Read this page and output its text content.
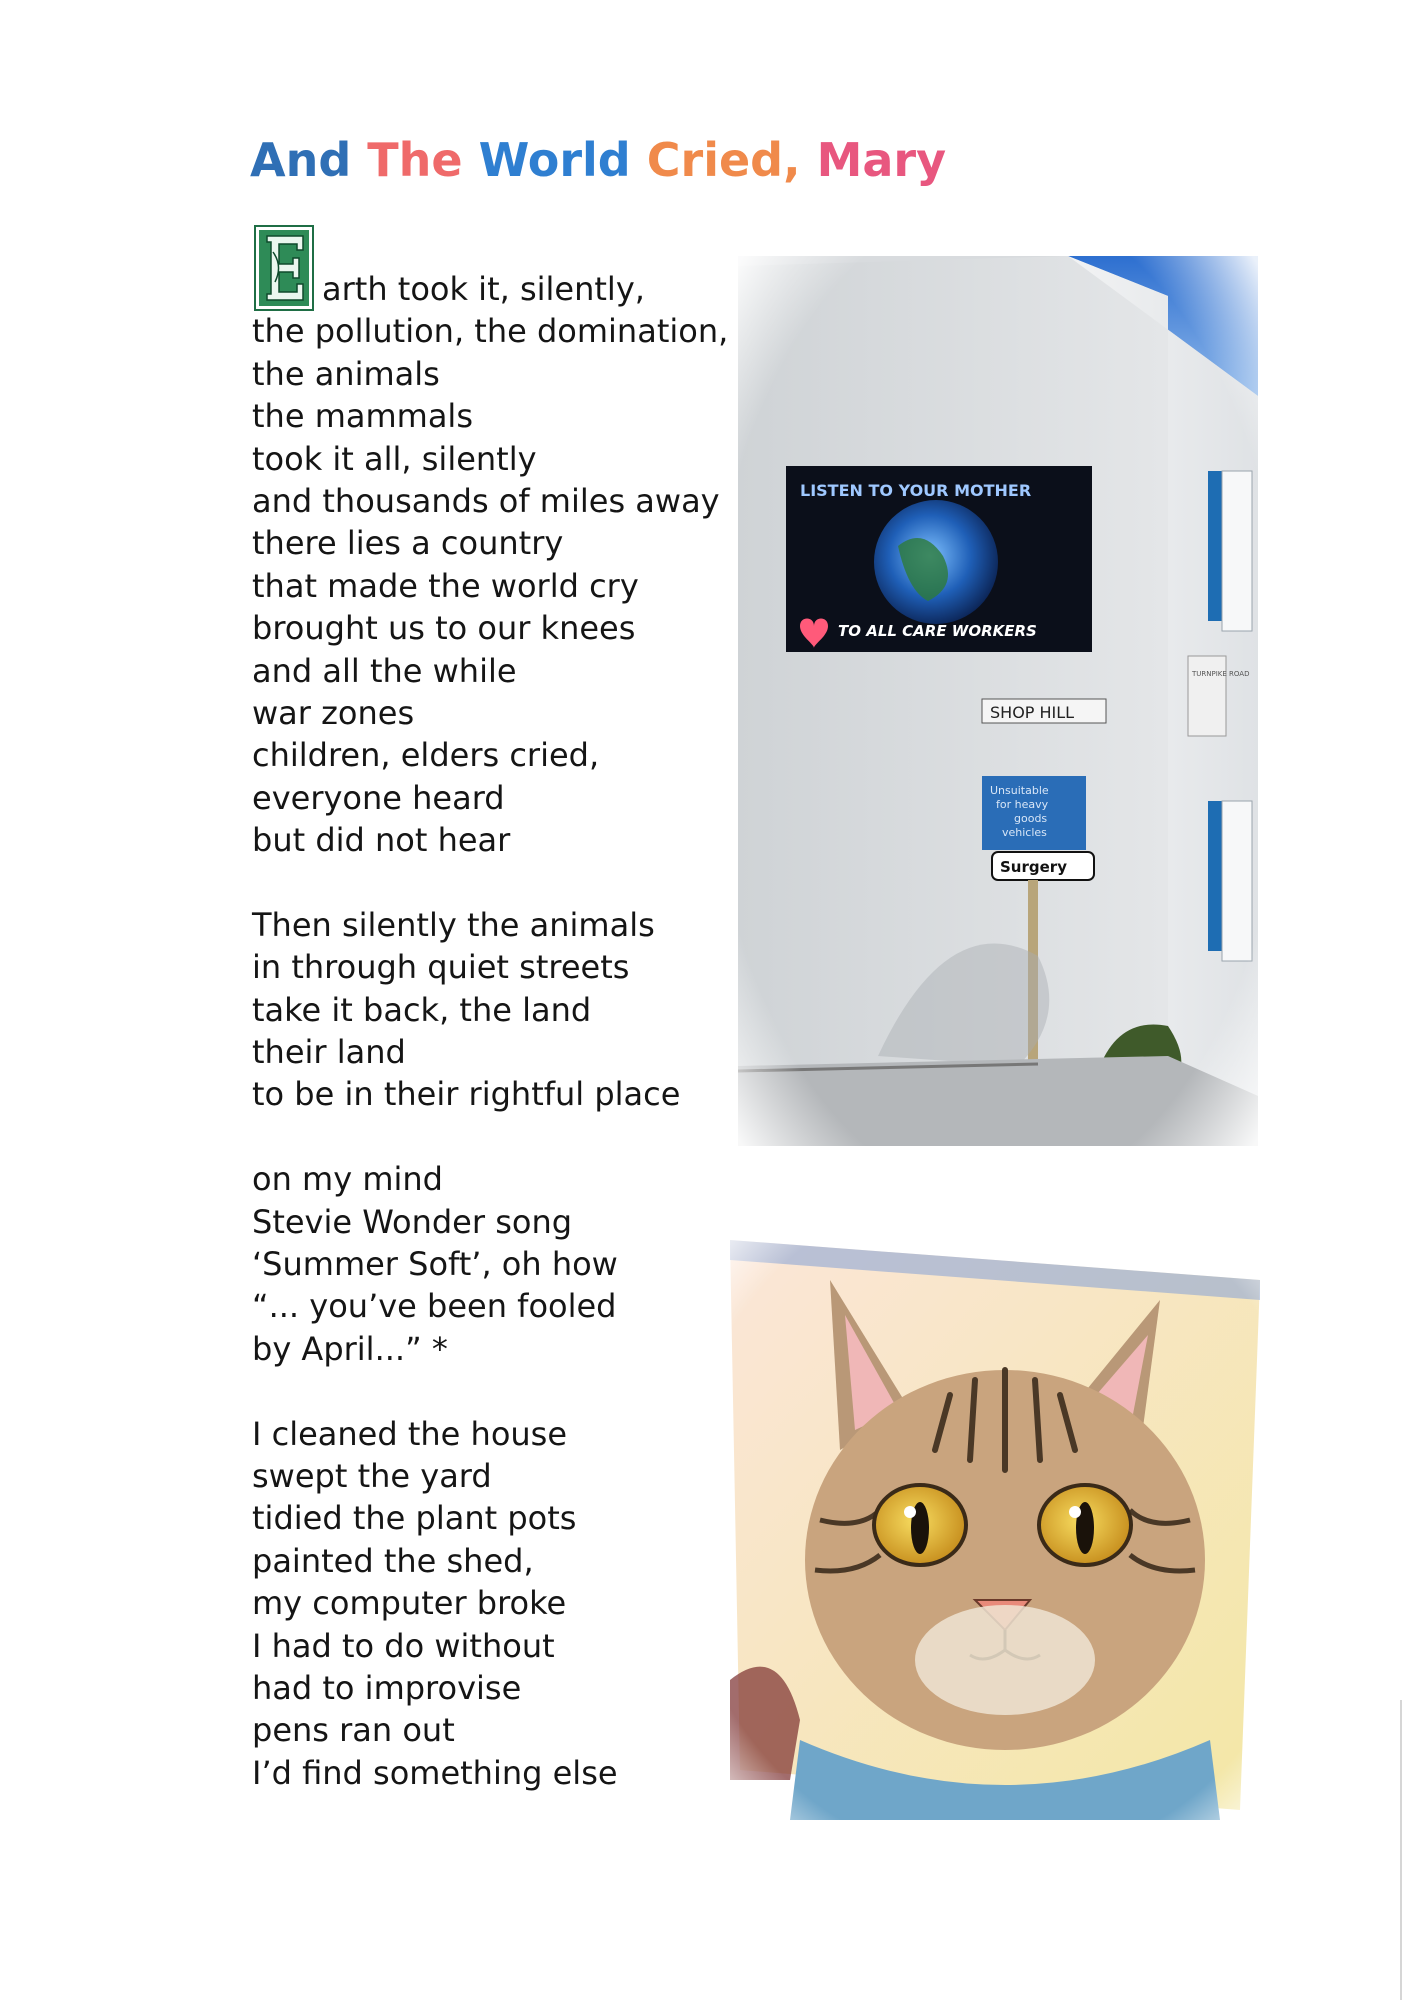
And The World Cried, Mary
E
arth took it, silently,
the pollution, the domination,
the animals
the mammals
took it all, silently
and thousands of miles away
there lies a country
that made the world cry
brought us to our knees
and all the while
war zones
children, elders cried,
everyone heard
but did not hear
Then silently the animals
in through quiet streets
take it back, the land
their land
to be in their rightful place
on my mind
Stevie Wonder song
‘Summer Soft’, oh how
“... you’ve been fooled
by April...” *
I cleaned the house
swept the yard
tidied the plant pots
painted the shed,
my computer broke
I had to do without
had to improvise
pens ran out
I’d find something else
